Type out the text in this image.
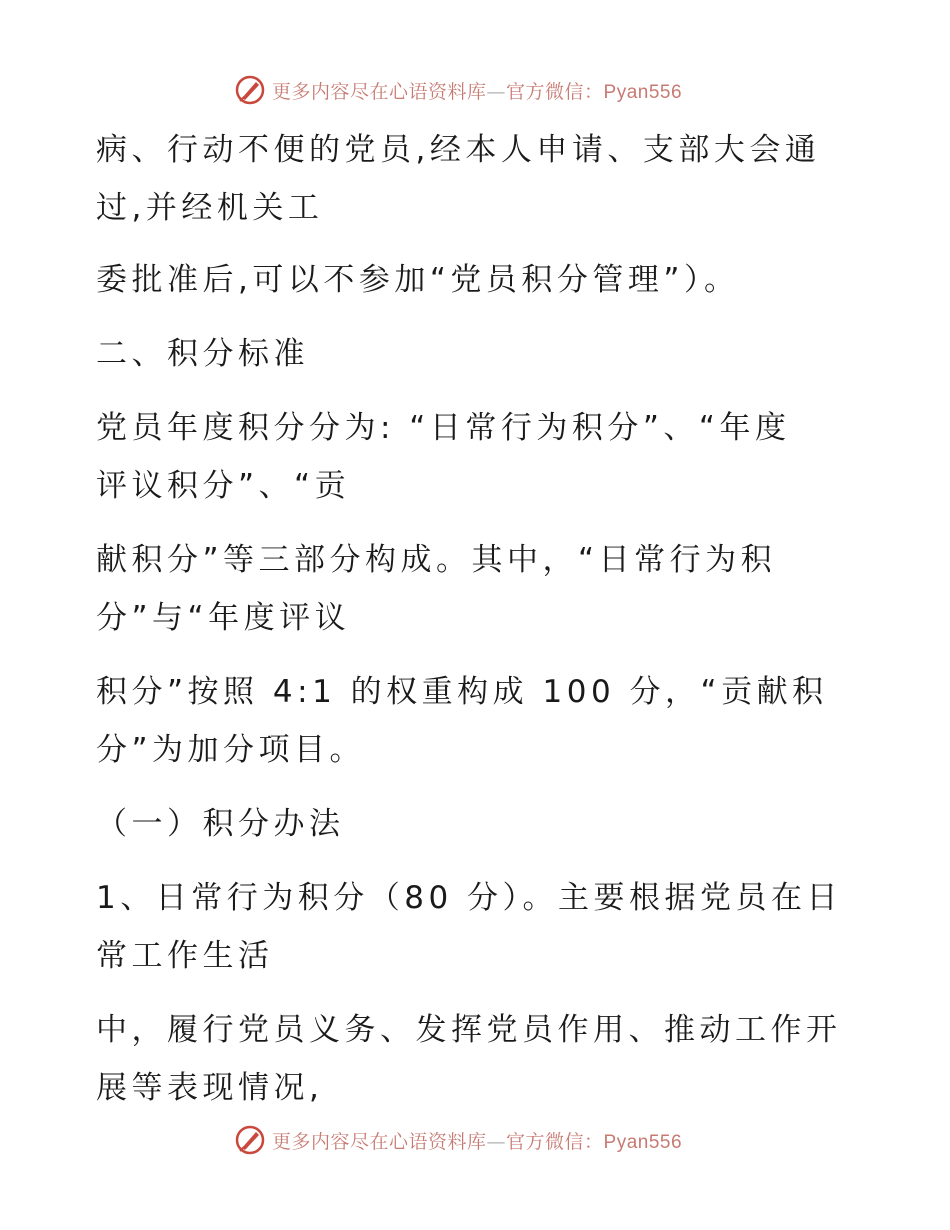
更多内容尽在心语资料库—官方微信：Pyan556
病、行动不便的党员,经本人申请、支部大会通
过,并经机关工
委批准后,可以不参加“党员积分管理”）。
二、积分标准
党员年度积分分为: “日常行为积分”、“年度
评议积分”、“贡
献积分”等三部分构成。其中，“日常行为积
分”与“年度评议
积分”按照 4:1 的权重构成 100 分，“贡献积
分”为加分项目。
（一）积分办法
1、日常行为积分（80 分）。主要根据党员在日
常工作生活
中，履行党员义务、发挥党员作用、推动工作开
展等表现情况,
更多内容尽在心语资料库—官方微信：Pyan556
